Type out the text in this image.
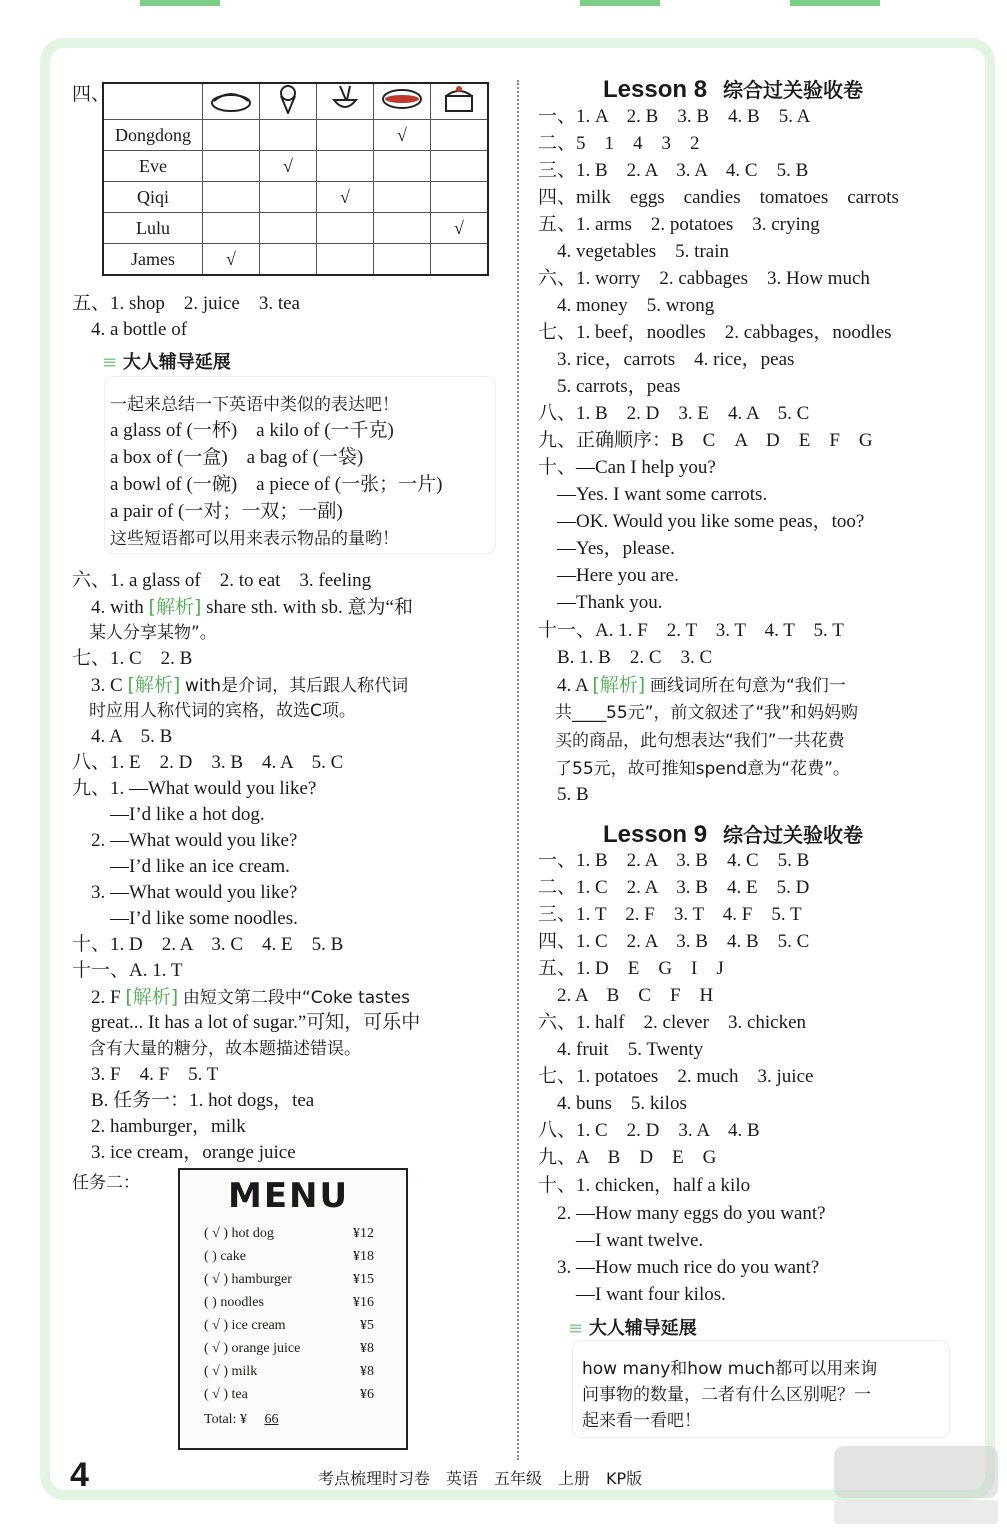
四、

Dongdong				√	
Eve		√			
Qiqi			√		
Lulu					√
James	√				
五、1. shop　2. juice　3. tea
　4. a bottle of
≡ 大人辅导延展
一起来总结一下英语中类似的表达吧！
a glass of (一杯)　a kilo of (一千克)
a box of (一盒)　a bag of (一袋)
a bowl of (一碗)　a piece of (一张；一片)
a pair of (一对；一双；一副)
这些短语都可以用来表示物品的量哟！
六、1. a glass of　2. to eat　3. feeling
　4. with [解析] share sth. with sb. 意为“和
　某人分享某物”。
七、1. C　2. B
　3. C [解析] with是介词，其后跟人称代词
　时应用人称代词的宾格，故选C项。
　4. A　5. B
八、1. E　2. D　3. B　4. A　5. C
九、1. —What would you like?
　　—I’d like a hot dog.
　2. —What would you like?
　　—I’d like an ice cream.
　3. —What would you like?
　　—I’d like some noodles.
十、1. D　2. A　3. C　4. E　5. B
十一、A. 1. T
　2. F [解析] 由短文第二段中“Coke tastes
　great... It has a lot of sugar.”可知，可乐中
　含有大量的糖分，故本题描述错误。
　3. F　4. F　5. T
　B. 任务一：1. hot dogs，tea
　2. hamburger，milk
　3. ice cream，orange juice
任务二：	MENU
( √ ) hot dog	¥12
( ) cake	¥18
( √ ) hamburger	¥15
( ) noodles	¥16
( √ ) ice cream	¥5
( √ ) orange juice	¥8
( √ ) milk	¥8
( √ ) tea	¥6
Total: ¥ 66
Lesson 8 综合过关验收卷
一、1. A　2. B　3. B　4. B　5. A
二、5　1　4　3　2
三、1. B　2. A　3. A　4. C　5. B
四、milk　eggs　candies　tomatoes　carrots
五、1. arms　2. potatoes　3. crying
　4. vegetables　5. train
六、1. worry　2. cabbages　3. How much
　4. money　5. wrong
七、1. beef，noodles　2. cabbages，noodles
　3. rice，carrots　4. rice，peas
　5. carrots，peas
八、1. B　2. D　3. E　4. A　5. C
九、正确顺序：B　C　A　D　E　F　G
十、—Can I help you?
　—Yes. I want some carrots.
　—OK. Would you like some peas，too?
　—Yes，please.
　—Here you are.
　—Thank you.
十一、A. 1. F　2. T　3. T　4. T　5. T
　B. 1. B　2. C　3. C
　4. A [解析] 画线词所在句意为“我们一
　共____55元”，前文叙述了“我”和妈妈购
　买的商品，此句想表达“我们”一共花费
　了55元，故可推知spend意为“花费”。
　5. B
Lesson 9 综合过关验收卷
一、1. B　2. A　3. B　4. C　5. B
二、1. C　2. A　3. B　4. E　5. D
三、1. T　2. F　3. T　4. F　5. T
四、1. C　2. A　3. B　4. B　5. C
五、1. D　E　G　I　J
　2. A　B　C　F　H
六、1. half　2. clever　3. chicken
　4. fruit　5. Twenty
七、1. potatoes　2. much　3. juice
　4. buns　5. kilos
八、1. C　2. D　3. A　4. B
九、A　B　D　E　G
十、1. chicken，half a kilo
　2. —How many eggs do you want?
　　—I want twelve.
　3. —How much rice do you want?
　　—I want four kilos.
≡ 大人辅导延展
how many和how much都可以用来询
问事物的数量，二者有什么区别呢？一
起来看一看吧！
4	考点梳理时习卷　英语　五年级　上册　KP版
